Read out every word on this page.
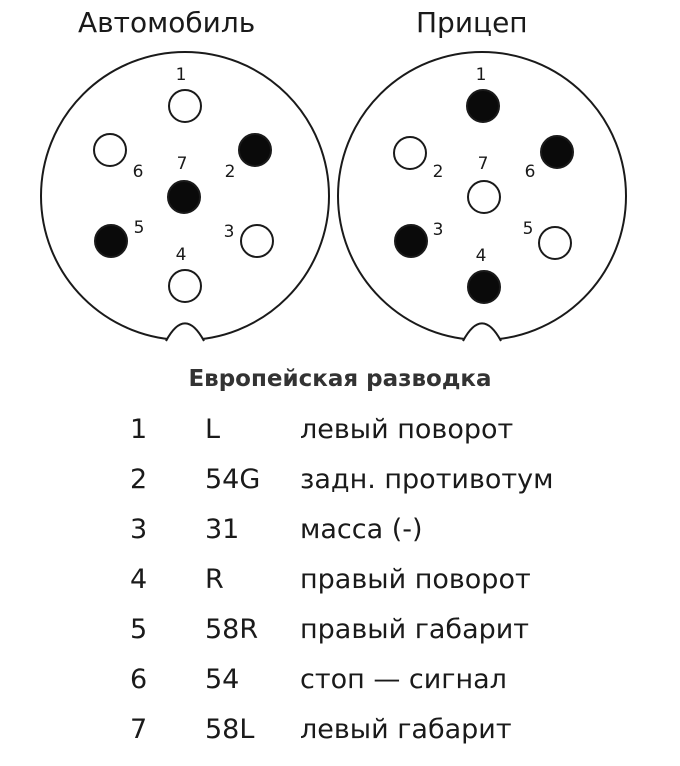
Автомобиль	Прицеп
1
2
3
4
5
6 7
1
2
3
4
5
6
7
Европейская разводка
1 L	левый поворот
2 54G задн. противотум
3 31 масса (-)
4 R	правый поворот
5 58R правый габарит
6 54 стоп — сигнал
7 58L левый габарит
